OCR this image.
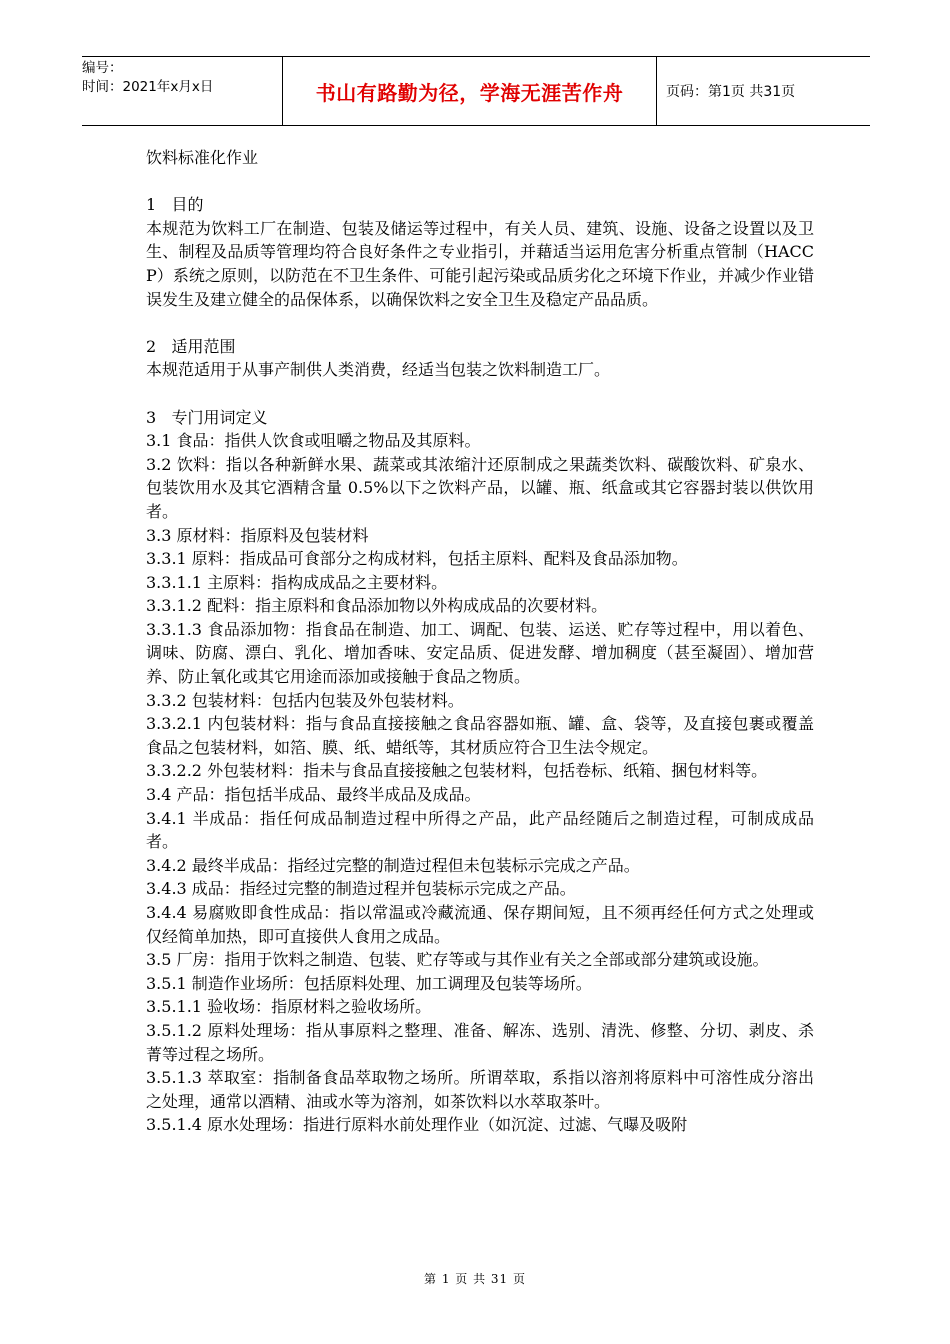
编号：
时间：2021年x月x日	书山有路勤为径，学海无涯苦作舟	页码：第1页 共31页

饮料标准化作业

1   目的

本规范为饮料工厂在制造、包装及储运等过程中，有关人员、建筑、设施、设备之设置以及卫生、制程及品质等管理均符合良好条件之专业指引，并藉适当运用危害分析重点管制（HACCP）系统之原则，以防范在不卫生条件、可能引起污染或品质劣化之环境下作业，并减少作业错误发生及建立健全的品保体系，以确保饮料之安全卫生及稳定产品品质。

2   适用范围

本规范适用于从事产制供人类消费，经适当包装之饮料制造工厂。

3   专门用词定义

3.1 食品：指供人饮食或咀嚼之物品及其原料。

3.2 饮料：指以各种新鲜水果、蔬菜或其浓缩汁还原制成之果蔬类饮料、碳酸饮料、矿泉水、包装饮用水及其它酒精含量 0.5%以下之饮料产品，以罐、瓶、纸盒或其它容器封装以供饮用者。

3.3 原材料：指原料及包装材料

3.3.1 原料：指成品可食部分之构成材料，包括主原料、配料及食品添加物。

3.3.1.1 主原料：指构成成品之主要材料。

3.3.1.2 配料：指主原料和食品添加物以外构成成品的次要材料。

3.3.1.3 食品添加物：指食品在制造、加工、调配、包装、运送、贮存等过程中，用以着色、调味、防腐、漂白、乳化、增加香味、安定品质、促进发酵、增加稠度（甚至凝固）、增加营养、防止氧化或其它用途而添加或接触于食品之物质。

3.3.2 包装材料：包括内包装及外包装材料。

3.3.2.1 内包装材料：指与食品直接接触之食品容器如瓶、罐、盒、袋等，及直接包裹或覆盖食品之包装材料，如箔、膜、纸、蜡纸等，其材质应符合卫生法令规定。

3.3.2.2 外包装材料：指未与食品直接接触之包装材料，包括卷标、纸箱、捆包材料等。

3.4 产品：指包括半成品、最终半成品及成品。

3.4.1 半成品：指任何成品制造过程中所得之产品，此产品经随后之制造过程，可制成成品者。

3.4.2 最终半成品：指经过完整的制造过程但未包装标示完成之产品。

3.4.3 成品：指经过完整的制造过程并包装标示完成之产品。

3.4.4 易腐败即食性成品：指以常温或冷藏流通、保存期间短，且不须再经任何方式之处理或仅经简单加热，即可直接供人食用之成品。

3.5 厂房：指用于饮料之制造、包装、贮存等或与其作业有关之全部或部分建筑或设施。

3.5.1 制造作业场所：包括原料处理、加工调理及包装等场所。

3.5.1.1 验收场：指原材料之验收场所。

3.5.1.2 原料处理场：指从事原料之整理、准备、解冻、选别、清洗、修整、分切、剥皮、杀菁等过程之场所。

3.5.1.3 萃取室：指制备食品萃取物之场所。所谓萃取，系指以溶剂将原料中可溶性成分溶出之处理，通常以酒精、油或水等为溶剂，如茶饮料以水萃取茶叶。

3.5.1.4 原水处理场：指进行原料水前处理作业（如沉淀、过滤、气曝及吸附

第 1 页 共 31 页
